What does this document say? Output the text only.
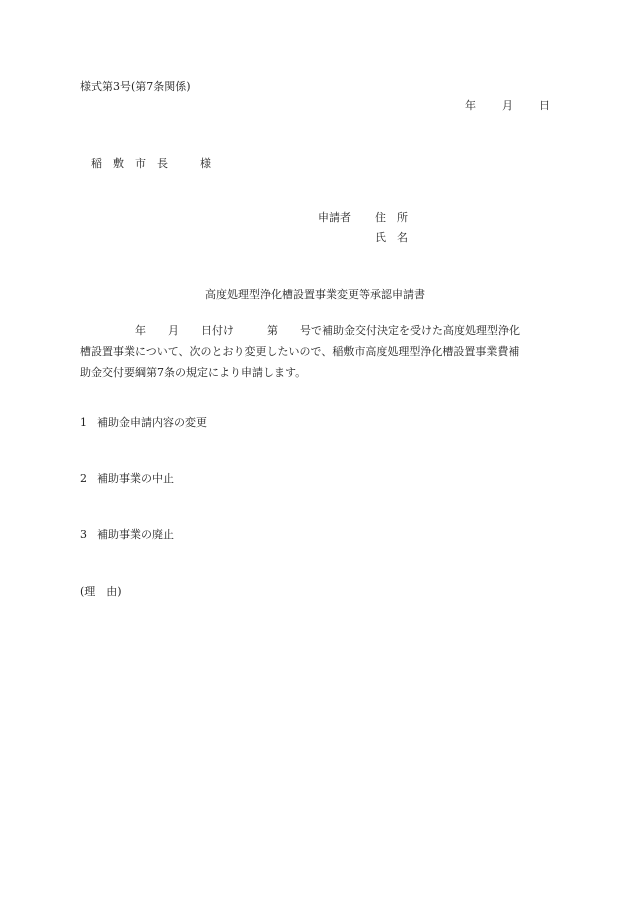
様式第3号(第7条関係)
年 月 日
稲　敷　市　長	様
申請者 住　所
氏　名
高度処理型浄化槽設置事業変更等承認申請書
　　　　　年　　月　　日付け　　　第　　号で補助金交付決定を受けた高度処理型浄化
槽設置事業について、次のとおり変更したいので、稲敷市高度処理型浄化槽設置事業費補
助金交付要綱第7条の規定により申請します。
1 補助金申請内容の変更
2 補助事業の中止
3 補助事業の廃止
(理　由)
